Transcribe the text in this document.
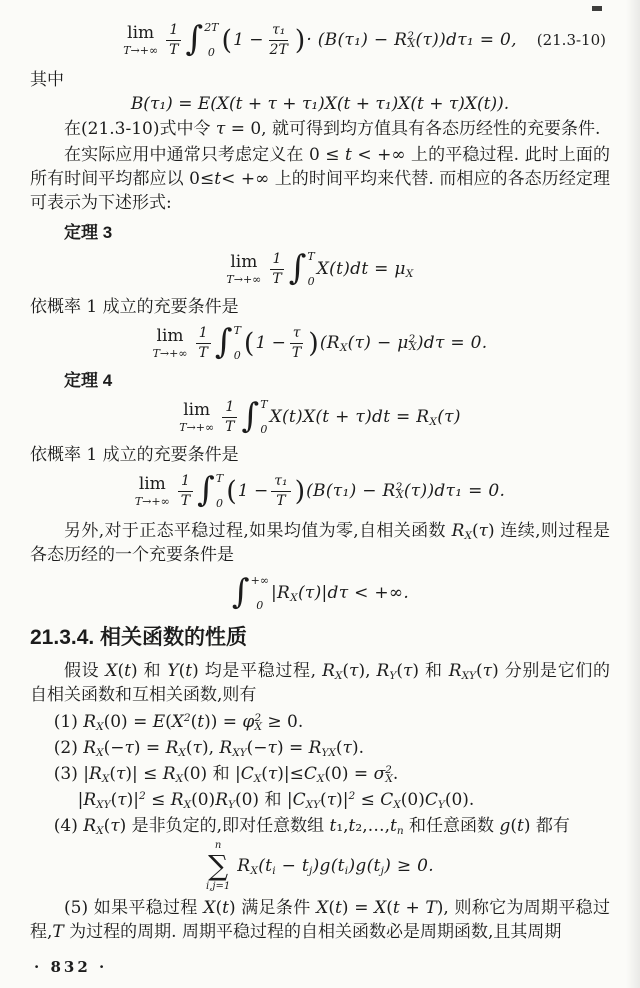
lim
$T\to+\infty \frac{1}{T}$ ∫ 2T
0 ( $1 - \frac{\text{τ₁}}{2T}$ ) · $(B(\tau_1) - R^2_X(\tau))d\tau_1 = 0$, (21.3-10)

其中

B(τ₁) = E(X(t + τ + τ₁)X(t + τ₁)X(t + τ)X(t)).

在(21.3-10)式中令 τ = 0, 就可得到均方值具有各态历经性的充要条件.

在实际应用中通常只考虑定义在 0 ≤ t < +∞ 上的平稳过程. 此时上面的所有时间平均都应以 0≤t< +∞ 上的时间平均来代替. 而相应的各态历经定理可表示为下述形式:

定理 3

lim
$T\to+\infty \frac{1}{T}$ ∫ T
0
$X(t)dt = \mu_X$

依概率 1 成立的充要条件是

lim
$T\to+\infty \frac{1}{T}$ ∫ T
0 ( $1 - \frac{\tau}{T}$ ) $(R_X(\tau) - \mu^2_X)d\tau = 0$.

定理 4

lim
$T\to+\infty \frac{1}{T}$ ∫ T
0
$X(t)X(t + \tau)dt = R_X(\tau)$

依概率 1 成立的充要条件是

lim
$T\to+\infty \frac{1}{T}$ ∫ T
0 ( $1 - \frac{\text{τ₁}}{T}$ ) $(B(\tau_1) - R^2_X(\tau))d\tau_1 = 0$.

另外,对于正态平稳过程,如果均值为零,自相关函数 $R_X(\tau)$ 连续,则过程是各态历经的一个充要条件是

∫ +∞
0
$|R_X(\tau)|d\tau$ < +∞.
21.3.4. 相关函数的性质

假设 X(t) 和 Y(t) 均是平稳过程, $R_X(\tau)$, $R_Y(\tau)$ 和 $R_{XY}(\tau)$ 分别是它们的自相关函数和互相关函数,则有

(1) $R_X(0) = E(X^2(t)) = \varphi^2_X \ge 0$.

(2) $R_X(-\tau) = R_X(\tau)$, $R_{XY}(-\tau) = R_{YX}(\tau)$.

(3) $|R_X(\tau)| \le R_X(0)$ 和 $|C_X(\tau)|\le C_X(0) = \sigma^2_X$.

$|R_{XY}(\tau)|^2 \le R_X(0)R_Y(0)$ 和 $|C_{XY}(\tau)|^2 \le C_X(0)C_Y(0)$.

(4) $R_X(\tau)$ 是非负定的,即对任意数组 $t_1,t_2,\dots,t_n$ 和任意函数 g(t) 都有

n
∑
i,j=1
$R_X(t_i - t_j)g(t_i)g(t_j) \ge 0$.

(5) 如果平稳过程 X(t) 满足条件 X(t) = X(t + T), 则称它为周期平稳过程,T 为过程的周期. 周期平稳过程的自相关函数必是周期函数,且其周期

· 832 ·
